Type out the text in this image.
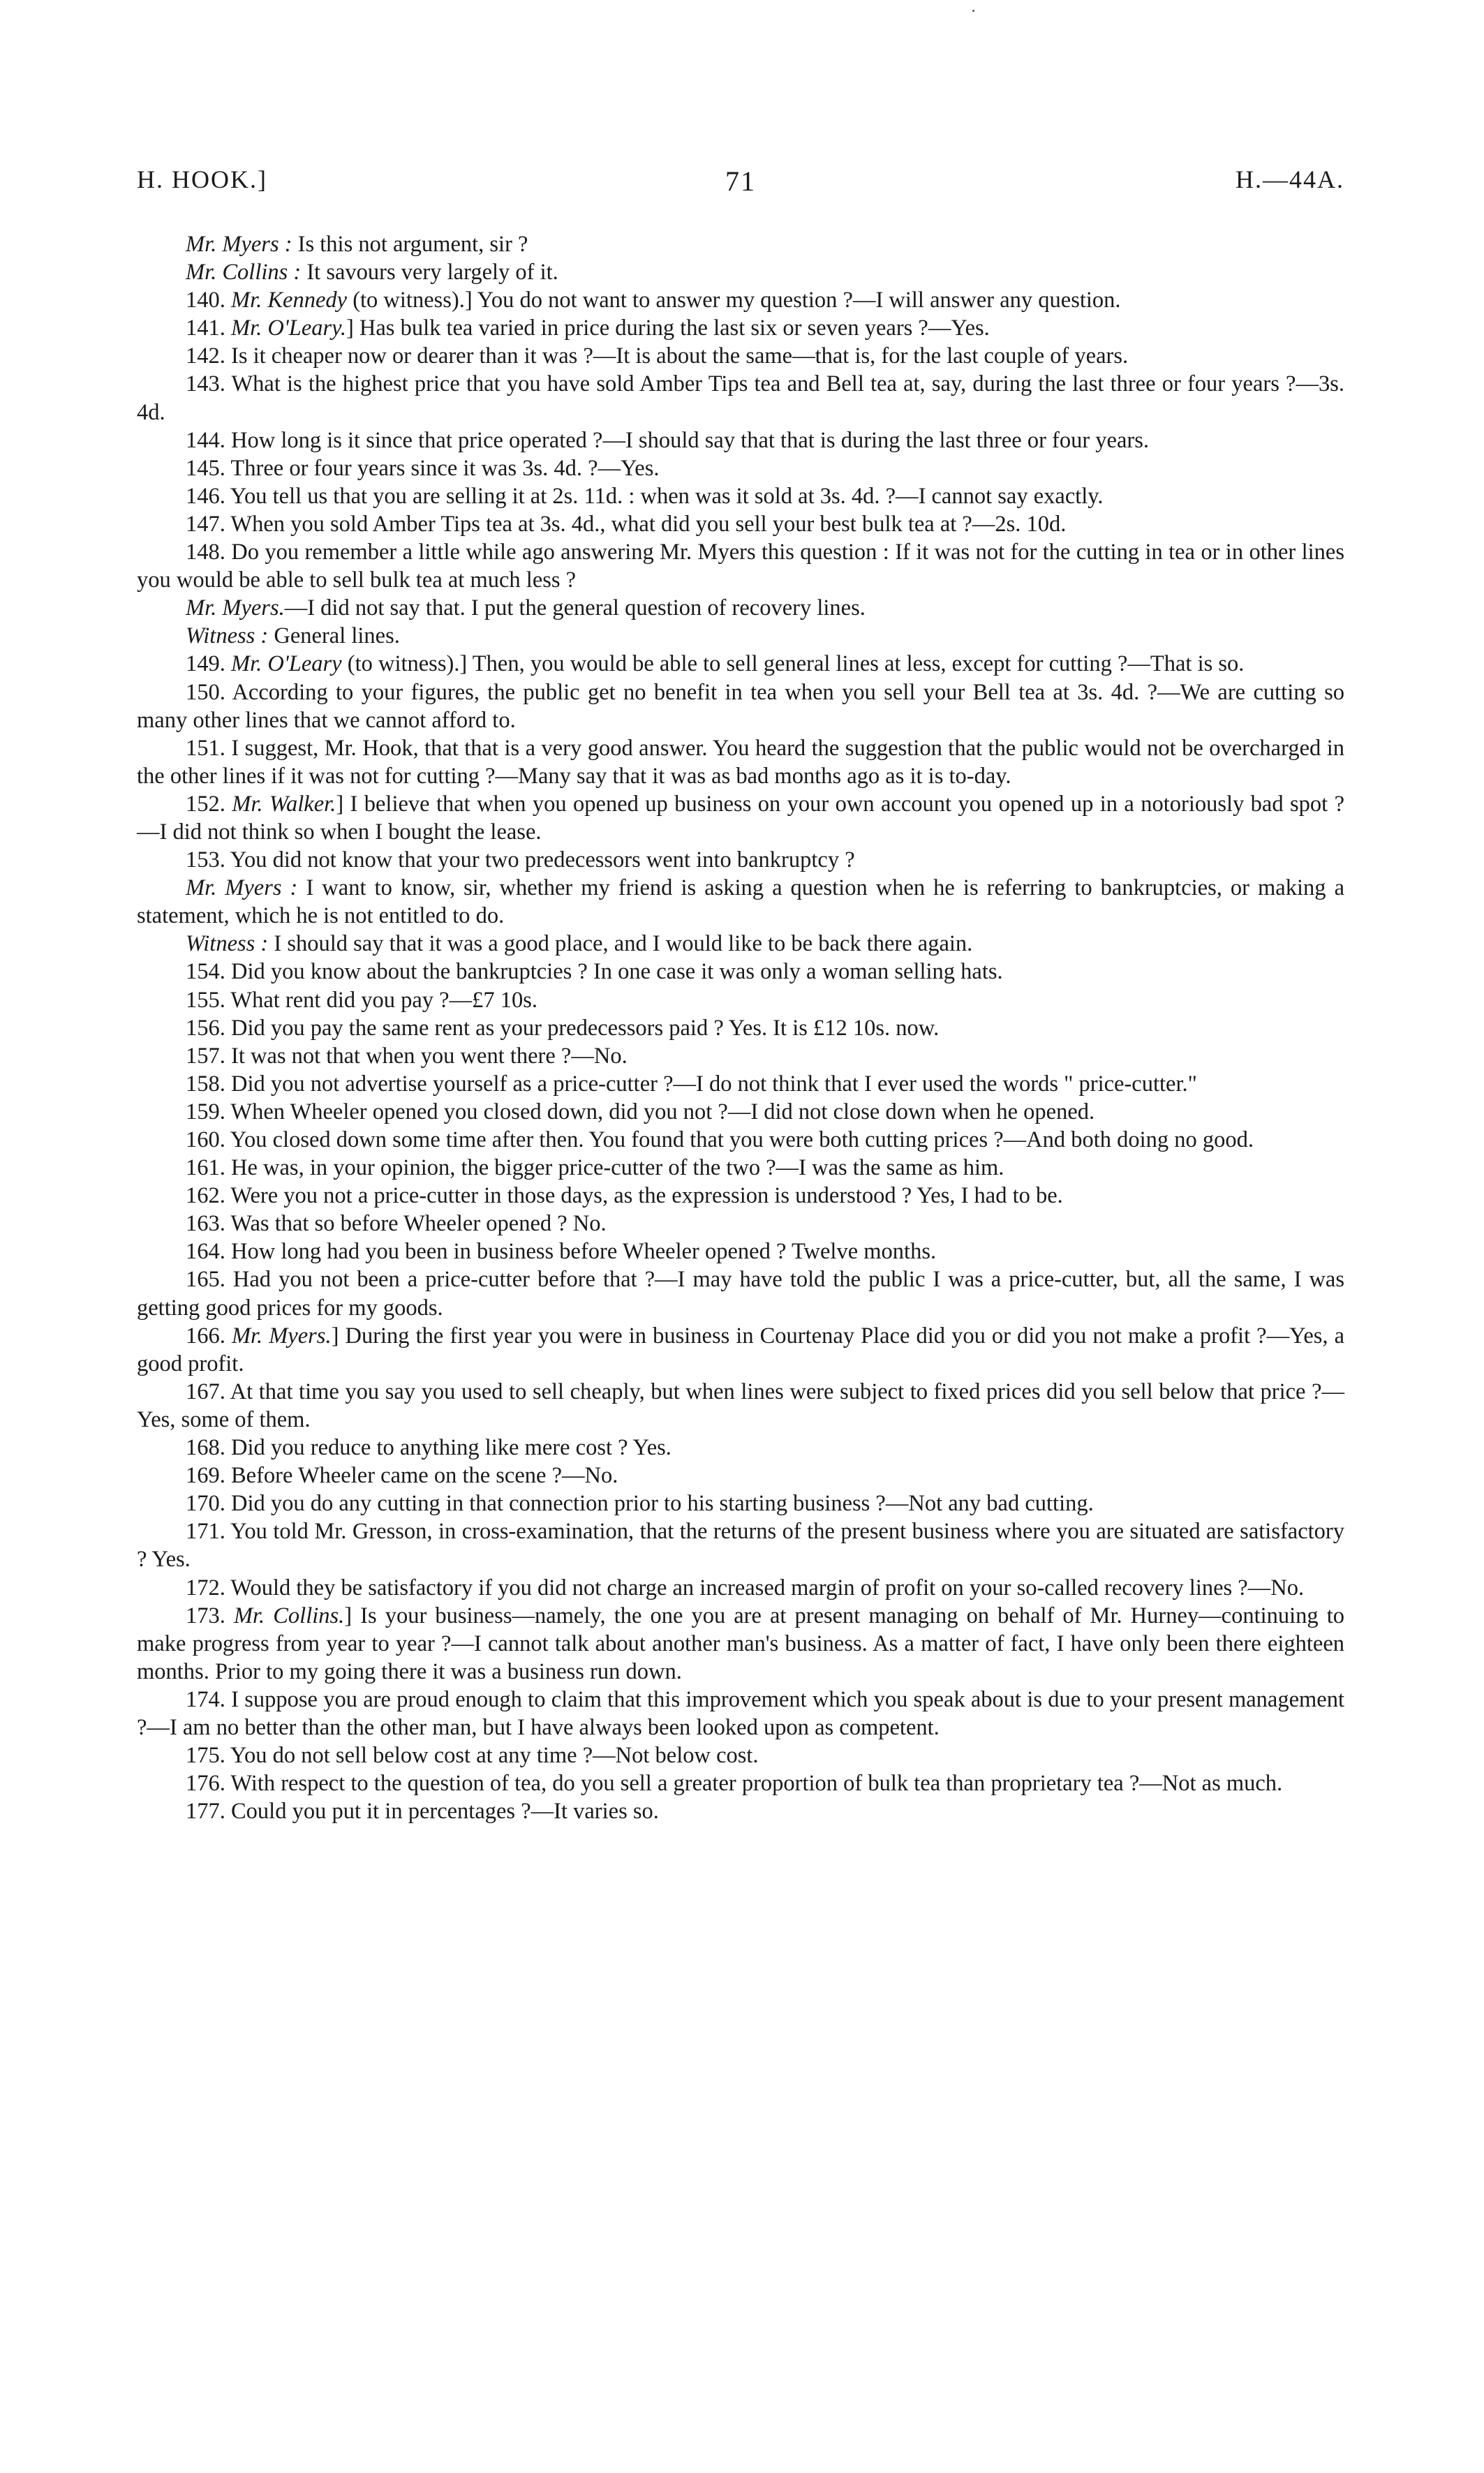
H. HOOK.]	71	H.—44A.

Mr. Myers : Is this not argument, sir ?

Mr. Collins : It savours very largely of it.

140. Mr. Kennedy (to witness).] You do not want to answer my question ?—I will answer any question.

141. Mr. O'Leary.] Has bulk tea varied in price during the last six or seven years ?—Yes.

142. Is it cheaper now or dearer than it was ?—It is about the same—that is, for the last couple of years.

143. What is the highest price that you have sold Amber Tips tea and Bell tea at, say, during the last three or four years ?—3s. 4d.

144. How long is it since that price operated ?—I should say that that is during the last three or four years.

145. Three or four years since it was 3s. 4d. ?—Yes.

146. You tell us that you are selling it at 2s. 11d. : when was it sold at 3s. 4d. ?—I cannot say exactly.

147. When you sold Amber Tips tea at 3s. 4d., what did you sell your best bulk tea at ?—2s. 10d.

148. Do you remember a little while ago answering Mr. Myers this question : If it was not for the cutting in tea or in other lines you would be able to sell bulk tea at much less ?

Mr. Myers.—I did not say that. I put the general question of recovery lines.

Witness : General lines.

149. Mr. O'Leary (to witness).] Then, you would be able to sell general lines at less, except for cutting ?—That is so.

150. According to your figures, the public get no benefit in tea when you sell your Bell tea at 3s. 4d. ?—We are cutting so many other lines that we cannot afford to.

151. I suggest, Mr. Hook, that that is a very good answer. You heard the suggestion that the public would not be overcharged in the other lines if it was not for cutting ?—Many say that it was as bad months ago as it is to-day.

152. Mr. Walker.] I believe that when you opened up business on your own account you opened up in a notoriously bad spot ?—I did not think so when I bought the lease.

153. You did not know that your two predecessors went into bankruptcy ?

Mr. Myers : I want to know, sir, whether my friend is asking a question when he is referring to bankruptcies, or making a statement, which he is not entitled to do.

Witness : I should say that it was a good place, and I would like to be back there again.

154. Did you know about the bankruptcies ? In one case it was only a woman selling hats.

155. What rent did you pay ?—£7 10s.

156. Did you pay the same rent as your predecessors paid ? Yes. It is £12 10s. now.

157. It was not that when you went there ?—No.

158. Did you not advertise yourself as a price-cutter ?—I do not think that I ever used the words " price-cutter."

159. When Wheeler opened you closed down, did you not ?—I did not close down when he opened.

160. You closed down some time after then. You found that you were both cutting prices ?—And both doing no good.

161. He was, in your opinion, the bigger price-cutter of the two ?—I was the same as him.

162. Were you not a price-cutter in those days, as the expression is understood ? Yes, I had to be.

163. Was that so before Wheeler opened ? No.

164. How long had you been in business before Wheeler opened ? Twelve months.

165. Had you not been a price-cutter before that ?—I may have told the public I was a price-cutter, but, all the same, I was getting good prices for my goods.

166. Mr. Myers.] During the first year you were in business in Courtenay Place did you or did you not make a profit ?—Yes, a good profit.

167. At that time you say you used to sell cheaply, but when lines were subject to fixed prices did you sell below that price ?—Yes, some of them.

168. Did you reduce to anything like mere cost ? Yes.

169. Before Wheeler came on the scene ?—No.

170. Did you do any cutting in that connection prior to his starting business ?—Not any bad cutting.

171. You told Mr. Gresson, in cross-examination, that the returns of the present business where you are situated are satisfactory ? Yes.

172. Would they be satisfactory if you did not charge an increased margin of profit on your so-called recovery lines ?—No.

173. Mr. Collins.] Is your business—namely, the one you are at present managing on behalf of Mr. Hurney—continuing to make progress from year to year ?—I cannot talk about another man's business. As a matter of fact, I have only been there eighteen months. Prior to my going there it was a business run down.

174. I suppose you are proud enough to claim that this improvement which you speak about is due to your present management ?—I am no better than the other man, but I have always been looked upon as competent.

175. You do not sell below cost at any time ?—Not below cost.

176. With respect to the question of tea, do you sell a greater proportion of bulk tea than proprietary tea ?—Not as much.

177. Could you put it in percentages ?—It varies so.
